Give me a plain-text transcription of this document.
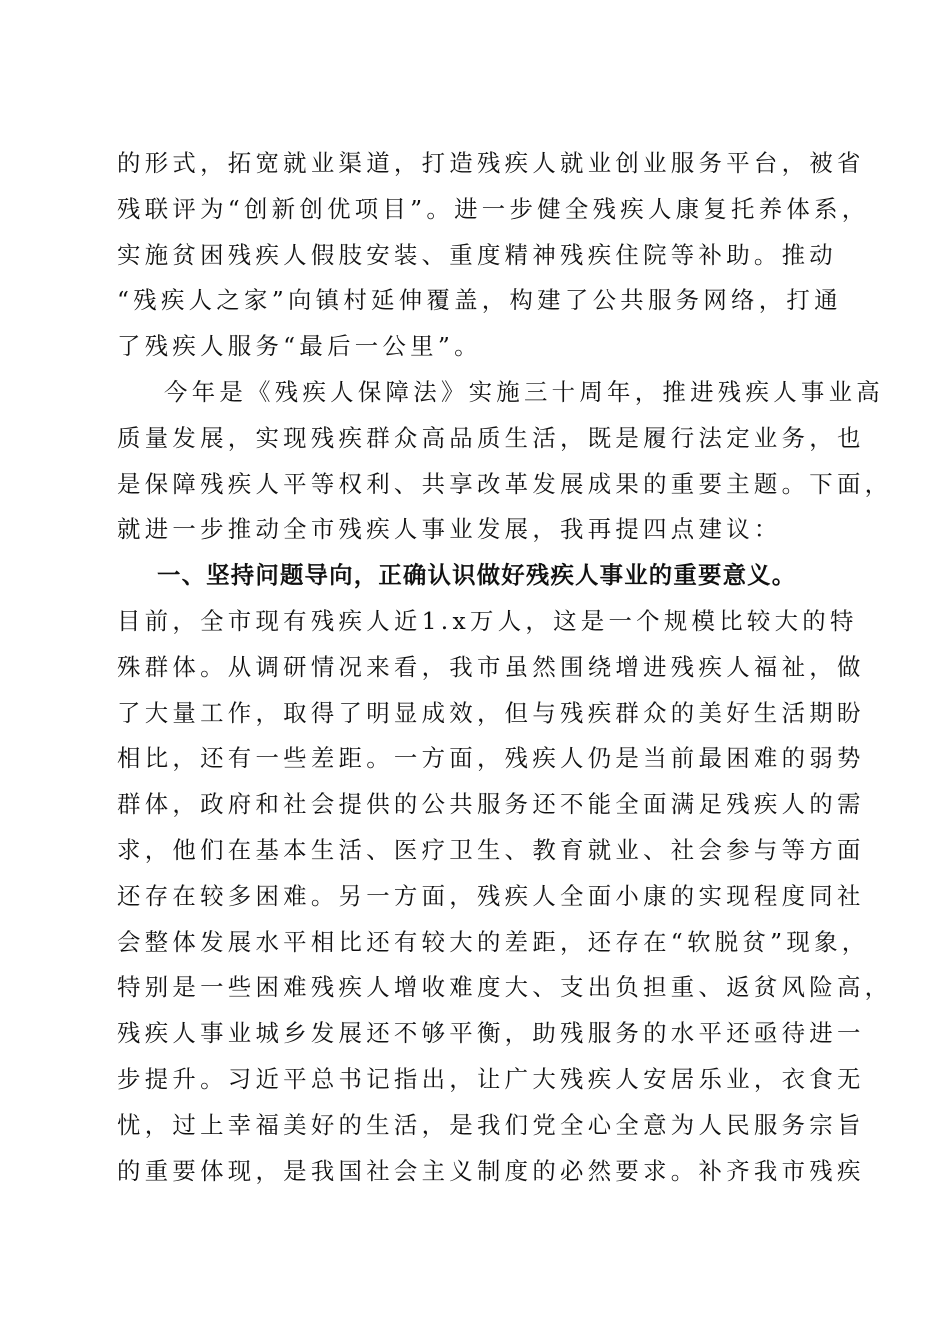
的形式，拓宽就业渠道，打造残疾人就业创业服务平台，被省
残联评为“创新创优项目”。进一步健全残疾人康复托养体系，
实施贫困残疾人假肢安装、重度精神残疾住院等补助。推动
“残疾人之家”向镇村延伸覆盖，构建了公共服务网络，打通
了残疾人服务“最后一公里”。
今年是《残疾人保障法》实施三十周年，推进残疾人事业高
质量发展，实现残疾群众高品质生活，既是履行法定业务，也
是保障残疾人平等权利、共享改革发展成果的重要主题。下面，
就进一步推动全市残疾人事业发展，我再提四点建议：
一、坚持问题导向，正确认识做好残疾人事业的重要意义。
目前，全市现有残疾人近1.x万人，这是一个规模比较大的特
殊群体。从调研情况来看，我市虽然围绕增进残疾人福祉，做
了大量工作，取得了明显成效，但与残疾群众的美好生活期盼
相比，还有一些差距。一方面，残疾人仍是当前最困难的弱势
群体，政府和社会提供的公共服务还不能全面满足残疾人的需
求，他们在基本生活、医疗卫生、教育就业、社会参与等方面
还存在较多困难。另一方面，残疾人全面小康的实现程度同社
会整体发展水平相比还有较大的差距，还存在“软脱贫”现象，
特别是一些困难残疾人增收难度大、支出负担重、返贫风险高，
残疾人事业城乡发展还不够平衡，助残服务的水平还亟待进一
步提升。习近平总书记指出，让广大残疾人安居乐业，衣食无
忧，过上幸福美好的生活，是我们党全心全意为人民服务宗旨
的重要体现，是我国社会主义制度的必然要求。补齐我市残疾
